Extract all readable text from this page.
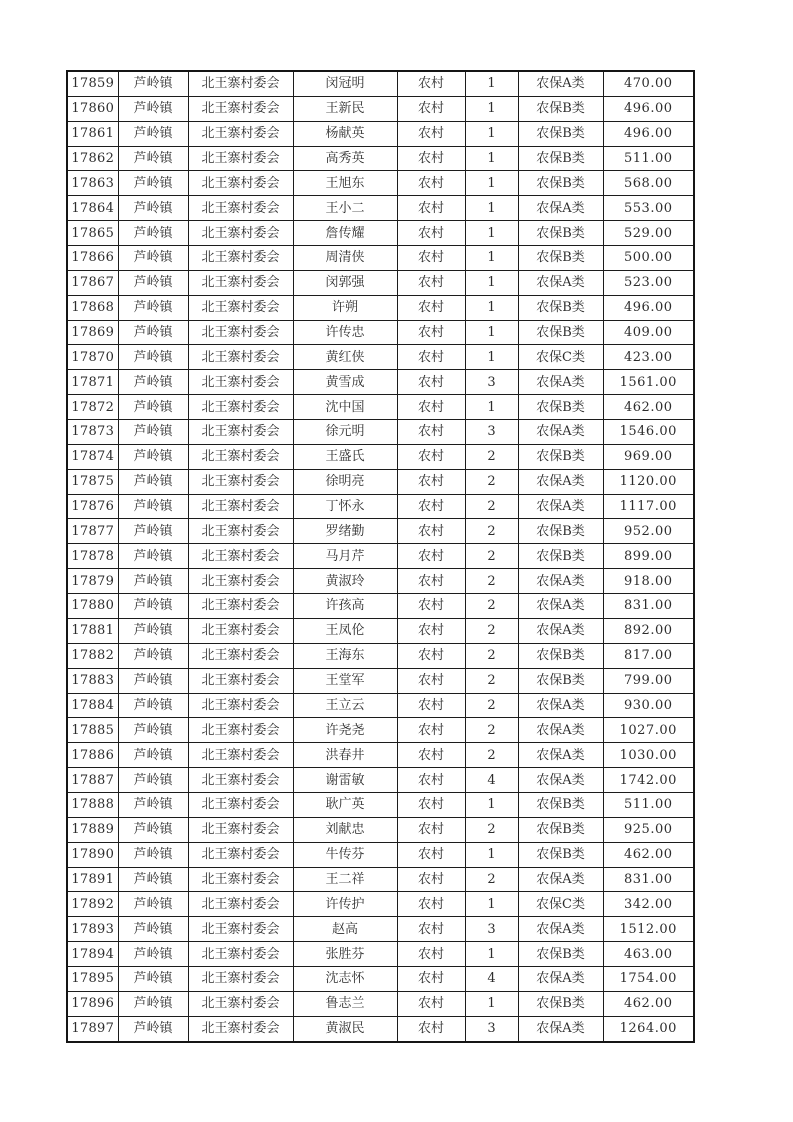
17859	芦岭镇	北王寨村委会	闵冠明	农村	1	农保A类	470.00
17860	芦岭镇	北王寨村委会	王新民	农村	1	农保B类	496.00
17861	芦岭镇	北王寨村委会	杨献英	农村	1	农保B类	496.00
17862	芦岭镇	北王寨村委会	高秀英	农村	1	农保B类	511.00
17863	芦岭镇	北王寨村委会	王旭东	农村	1	农保B类	568.00
17864	芦岭镇	北王寨村委会	王小二	农村	1	农保A类	553.00
17865	芦岭镇	北王寨村委会	詹传耀	农村	1	农保B类	529.00
17866	芦岭镇	北王寨村委会	周清侠	农村	1	农保B类	500.00
17867	芦岭镇	北王寨村委会	闵郭强	农村	1	农保A类	523.00
17868	芦岭镇	北王寨村委会	许朔	农村	1	农保B类	496.00
17869	芦岭镇	北王寨村委会	许传忠	农村	1	农保B类	409.00
17870	芦岭镇	北王寨村委会	黄红侠	农村	1	农保C类	423.00
17871	芦岭镇	北王寨村委会	黄雪成	农村	3	农保A类	1561.00
17872	芦岭镇	北王寨村委会	沈中国	农村	1	农保B类	462.00
17873	芦岭镇	北王寨村委会	徐元明	农村	3	农保A类	1546.00
17874	芦岭镇	北王寨村委会	王盛氏	农村	2	农保B类	969.00
17875	芦岭镇	北王寨村委会	徐明亮	农村	2	农保A类	1120.00
17876	芦岭镇	北王寨村委会	丁怀永	农村	2	农保A类	1117.00
17877	芦岭镇	北王寨村委会	罗绪勤	农村	2	农保B类	952.00
17878	芦岭镇	北王寨村委会	马月芹	农村	2	农保B类	899.00
17879	芦岭镇	北王寨村委会	黄淑玲	农村	2	农保A类	918.00
17880	芦岭镇	北王寨村委会	许孩高	农村	2	农保A类	831.00
17881	芦岭镇	北王寨村委会	王凤伦	农村	2	农保A类	892.00
17882	芦岭镇	北王寨村委会	王海东	农村	2	农保B类	817.00
17883	芦岭镇	北王寨村委会	王堂军	农村	2	农保B类	799.00
17884	芦岭镇	北王寨村委会	王立云	农村	2	农保A类	930.00
17885	芦岭镇	北王寨村委会	许尧尧	农村	2	农保A类	1027.00
17886	芦岭镇	北王寨村委会	洪春井	农村	2	农保A类	1030.00
17887	芦岭镇	北王寨村委会	谢雷敏	农村	4	农保A类	1742.00
17888	芦岭镇	北王寨村委会	耿广英	农村	1	农保B类	511.00
17889	芦岭镇	北王寨村委会	刘献忠	农村	2	农保B类	925.00
17890	芦岭镇	北王寨村委会	牛传芬	农村	1	农保B类	462.00
17891	芦岭镇	北王寨村委会	王二祥	农村	2	农保A类	831.00
17892	芦岭镇	北王寨村委会	许传护	农村	1	农保C类	342.00
17893	芦岭镇	北王寨村委会	赵高	农村	3	农保A类	1512.00
17894	芦岭镇	北王寨村委会	张胜芬	农村	1	农保B类	463.00
17895	芦岭镇	北王寨村委会	沈志怀	农村	4	农保A类	1754.00
17896	芦岭镇	北王寨村委会	鲁志兰	农村	1	农保B类	462.00
17897	芦岭镇	北王寨村委会	黄淑民	农村	3	农保A类	1264.00
